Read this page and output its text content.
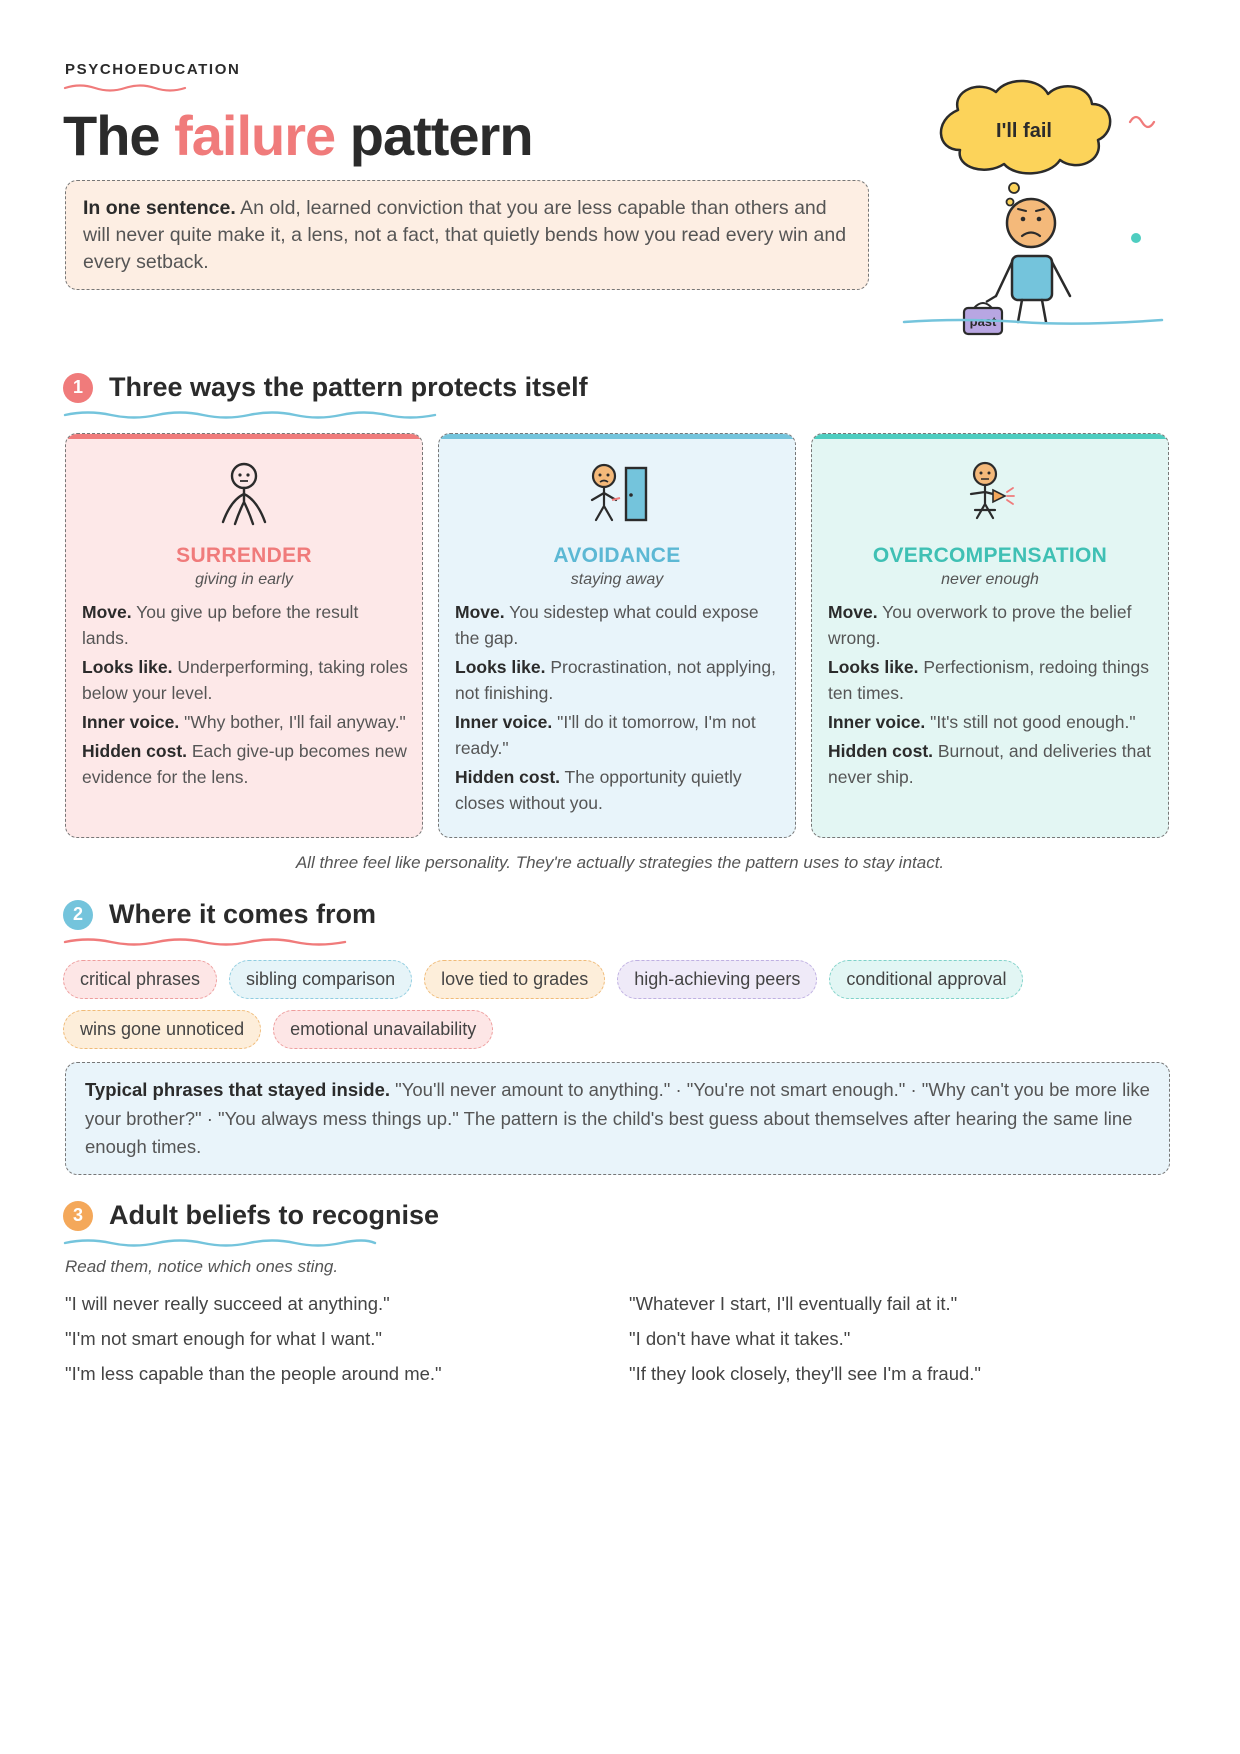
PSYCHOEDUCATION
The failure pattern
In one sentence. An old, learned conviction that you are less capable than others and will never quite make it, a lens, not a fact, that quietly bends how you read every win and every setback.
I'll fail
past
1 Three ways the pattern protects itself
SURRENDER
giving in early

Move. You give up before the result lands.

Looks like. Underperforming, taking roles below your level.

Inner voice. "Why bother, I'll fail anyway."

Hidden cost. Each give-up becomes new evidence for the lens.

AVOIDANCE
staying away

Move. You sidestep what could expose the gap.

Looks like. Procrastination, not applying, not finishing.

Inner voice. "I'll do it tomorrow, I'm not ready."

Hidden cost. The opportunity quietly closes without you.

OVERCOMPENSATION
never enough

Move. You overwork to prove the belief wrong.

Looks like. Perfectionism, redoing things ten times.

Inner voice. "It's still not good enough."

Hidden cost. Burnout, and deliveries that never ship.

All three feel like personality. They're actually strategies the pattern uses to stay intact.
2 Where it comes from
critical phrases	sibling comparison	love tied to grades	high-achieving peers	conditional approval
wins gone unnoticed	emotional unavailability
Typical phrases that stayed inside. "You'll never amount to anything." · "You're not smart enough." · "Why can't you be more like your brother?" · "You always mess things up." The pattern is the child's best guess about themselves after hearing the same line enough times.
3 Adult beliefs to recognise
Read them, notice which ones sting.
"I will never really succeed at anything."
"I'm not smart enough for what I want."
"I'm less capable than the people around me."
"Whatever I start, I'll eventually fail at it."
"I don't have what it takes."
"If they look closely, they'll see I'm a fraud."
